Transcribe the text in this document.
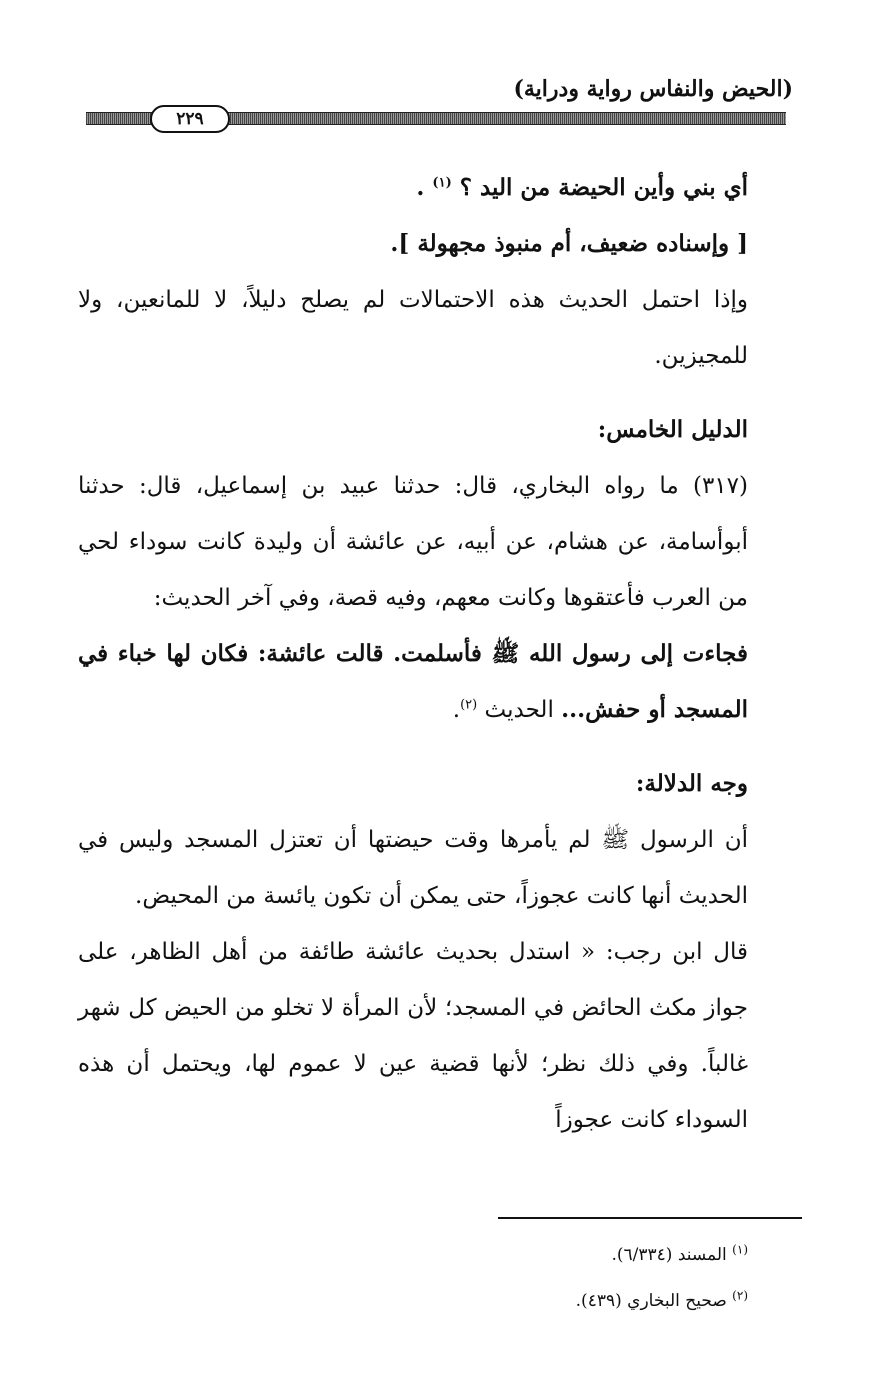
(الحيض والنفاس رواية ودراية)
٢٢٩

أي بني وأين الحيضة من اليد ؟ $^{(١)}$ .

[ وإسناده ضعيف، أم منبوذ مجهولة ].

وإذا احتمل الحديث هذه الاحتمالات لم يصلح دليلاً، لا للمانعين، ولا للمجيزين.

الدليل الخامس:

(٣١٧) ما رواه البخاري، قال: حدثنا عبيد بن إسماعيل، قال: حدثنا أبوأسامة، عن هشام، عن أبيه، عن عائشة أن وليدة كانت سوداء لحي من العرب فأعتقوها وكانت معهم، وفيه قصة، وفي آخر الحديث:

فجاءت إلى رسول الله ﷺ فأسلمت. قالت عائشة: فكان لها خباء في المسجد أو حفش... الحديث $^{(٢)}$.

وجه الدلالة:

أن الرسول ﷺ لم يأمرها وقت حيضتها أن تعتزل المسجد وليس في الحديث أنها كانت عجوزاً، حتى يمكن أن تكون يائسة من المحيض.

قال ابن رجب: « استدل بحديث عائشة طائفة من أهل الظاهر، على جواز مكث الحائض في المسجد؛ لأن المرأة لا تخلو من الحيض كل شهر غالباً. وفي ذلك نظر؛ لأنها قضية عين لا عموم لها، ويحتمل أن هذه السوداء كانت عجوزاً

$^{(١)}$ المسند (٦/٣٣٤).

$^{(٢)}$ صحيح البخاري (٤٣٩).
